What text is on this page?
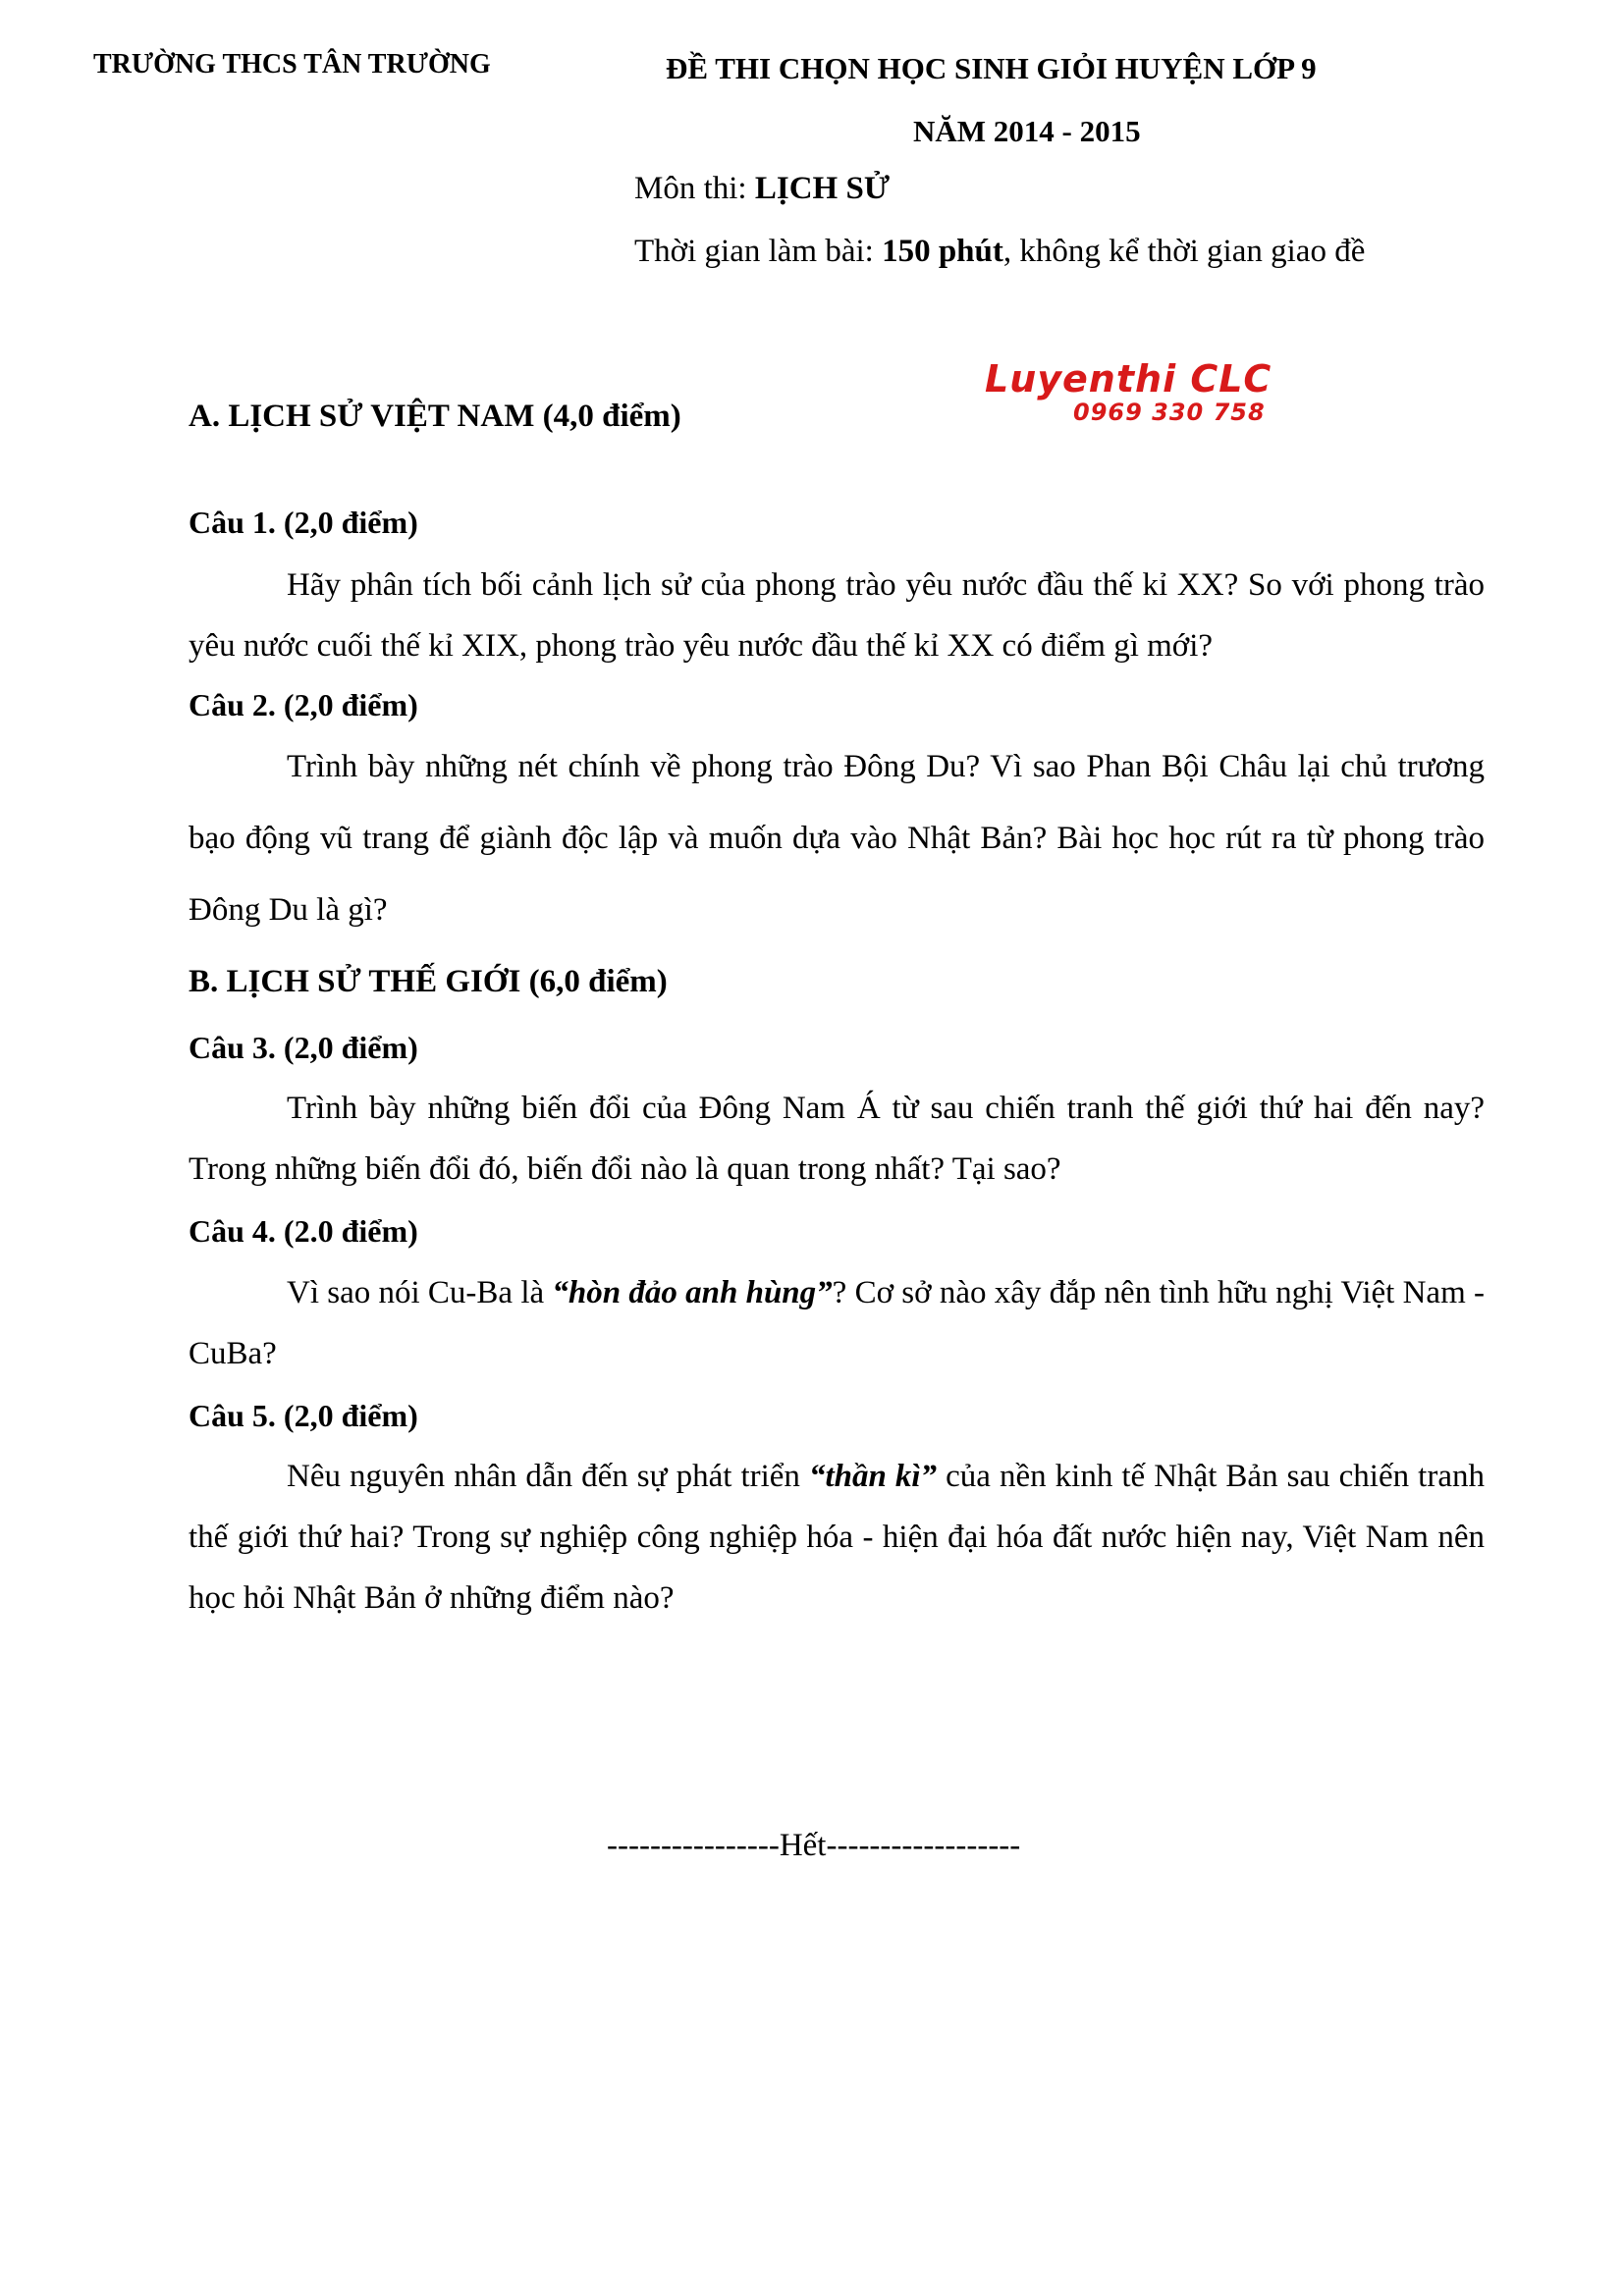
TRƯỜNG THCS TÂN TRƯỜNG	ĐỀ THI CHỌN HỌC SINH GIỎI HUYỆN LỚP 9
NĂM 2014 - 2015
Môn thi: LỊCH SỬ
Thời gian làm bài: 150 phút, không kể thời gian giao đề
Luyenthi CLC
0969 330 758
A. LỊCH SỬ VIỆT NAM (4,0 điểm)
Câu 1. (2,0 điểm)
Hãy phân tích bối cảnh lịch sử của phong trào yêu nước đầu thế kỉ XX? So với phong trào yêu nước cuối thế kỉ XIX, phong trào yêu nước đầu thế kỉ XX có điểm gì mới?
Câu 2. (2,0 điểm)
Trình bày những nét chính về phong trào Đông Du? Vì sao Phan Bội Châu lại chủ trương bạo động vũ trang để giành độc lập và muốn dựa vào Nhật Bản? Bài học học rút ra từ phong trào Đông Du là gì?
B. LỊCH SỬ THẾ GIỚI (6,0 điểm)
Câu 3. (2,0 điểm)
Trình bày những biến đổi của Đông Nam Á từ sau chiến tranh thế giới thứ hai đến nay? Trong những biến đổi đó, biến đổi nào là quan trong nhất? Tại sao?
Câu 4. (2.0 điểm)
Vì sao nói Cu-Ba là “hòn đảo anh hùng”? Cơ sở nào xây đắp nên tình hữu nghị Việt Nam - CuBa?
Câu 5. (2,0 điểm)
Nêu nguyên nhân dẫn đến sự phát triển “thần kì” của nền kinh tế Nhật Bản sau chiến tranh thế giới thứ hai? Trong sự nghiệp công nghiệp hóa - hiện đại hóa đất nước hiện nay, Việt Nam nên học hỏi Nhật Bản ở những điểm nào?
----------------Hết------------------
